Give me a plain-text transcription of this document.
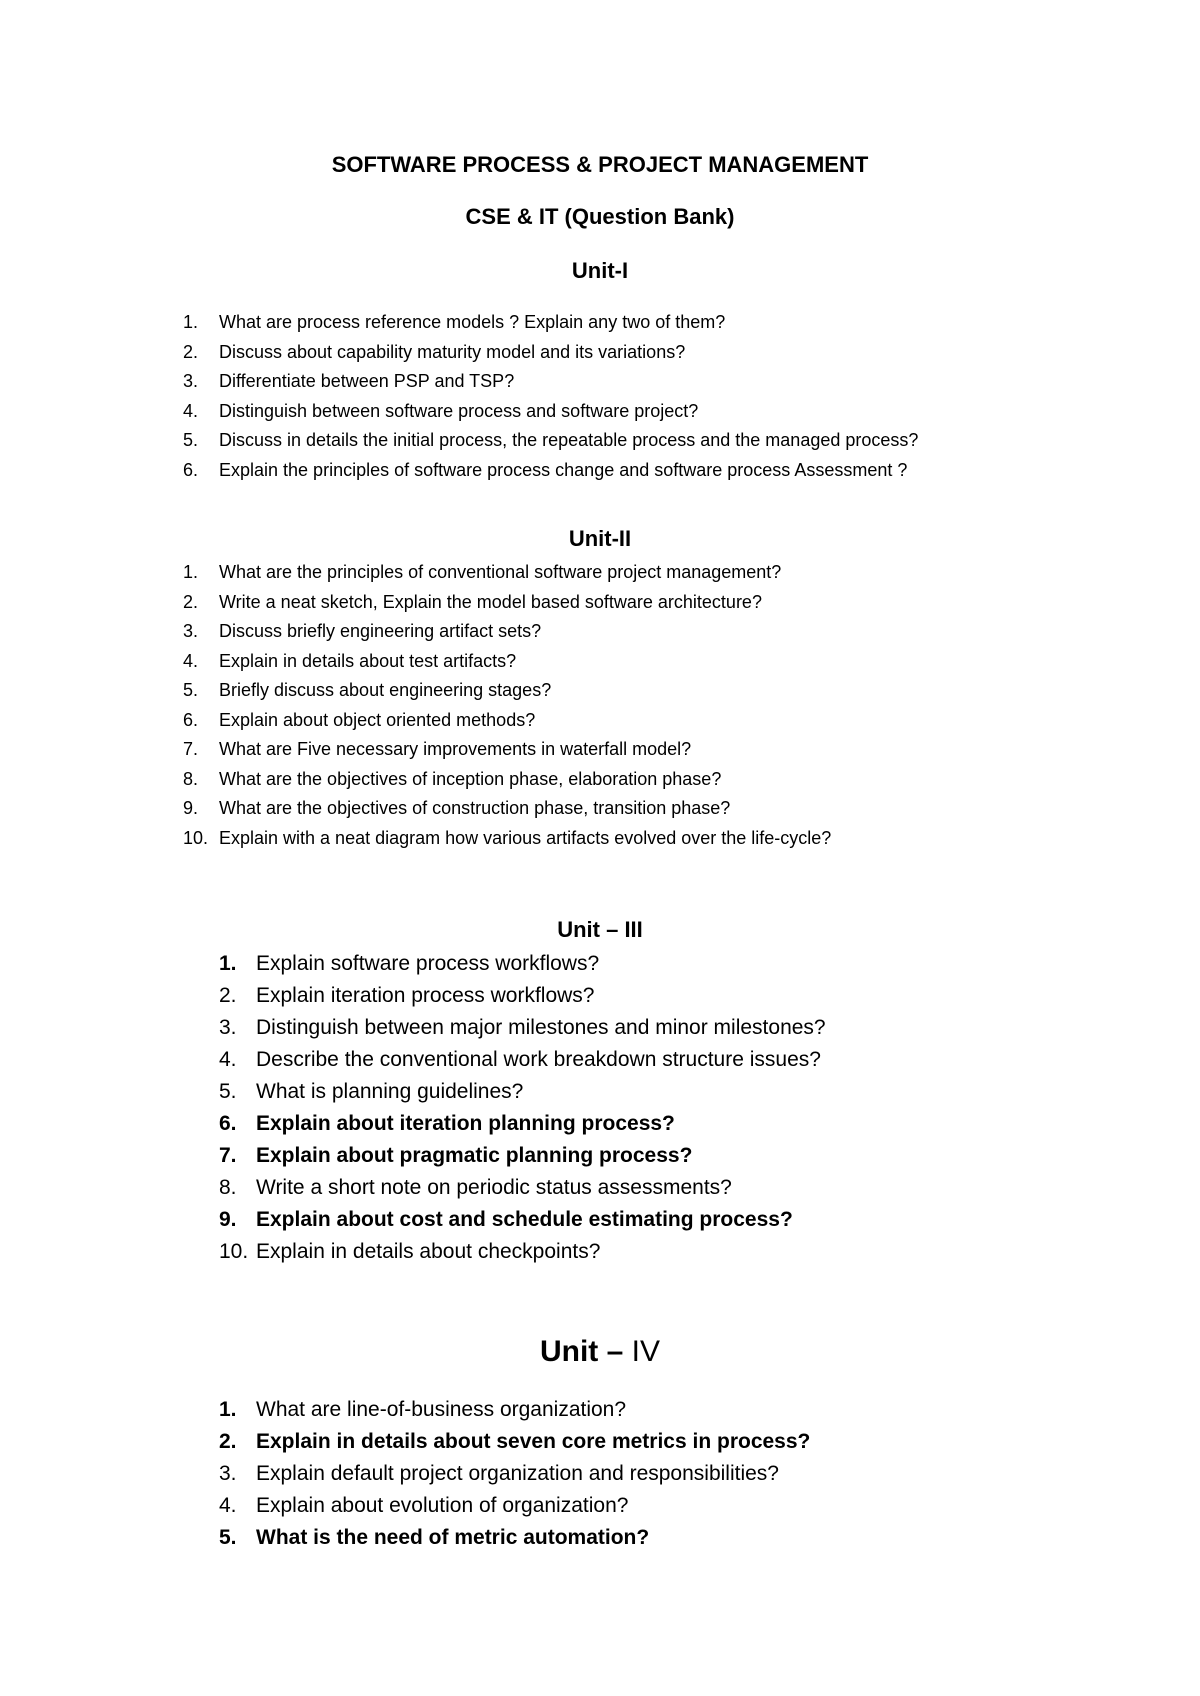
SOFTWARE PROCESS & PROJECT MANAGEMENT
CSE & IT (Question Bank)
Unit-I
1. What are process reference models ? Explain any two of them?
2. Discuss about capability maturity model and its variations?
3. Differentiate between PSP and TSP?
4. Distinguish between software process and software project?
5. Discuss in details the initial process, the repeatable process and the managed process?
6. Explain the principles of software process change and software process Assessment ?
Unit-II
1. What are the principles of conventional software project management?
2. Write a neat sketch, Explain the model based software architecture?
3. Discuss briefly engineering artifact sets?
4. Explain in details about test artifacts?
5. Briefly discuss about engineering stages?
6. Explain about object oriented methods?
7. What are Five necessary improvements in waterfall model?
8. What are the objectives of inception phase, elaboration phase?
9. What are the objectives of construction phase, transition phase?
10. Explain with a neat diagram how various artifacts evolved over the life-cycle?
Unit – III
1. Explain software process workflows?
2. Explain iteration process workflows?
3. Distinguish between major milestones and minor milestones?
4. Describe the conventional work breakdown structure issues?
5. What is planning guidelines?
6. Explain about iteration planning process?
7. Explain about pragmatic planning process?
8. Write a short note on periodic status assessments?
9. Explain about cost and schedule estimating process?
10. Explain in details about checkpoints?
Unit – IV
1. What are line-of-business organization?
2. Explain in details about seven core metrics in process?
3. Explain default project organization and responsibilities?
4. Explain about evolution of organization?
5. What is the need of metric automation?
